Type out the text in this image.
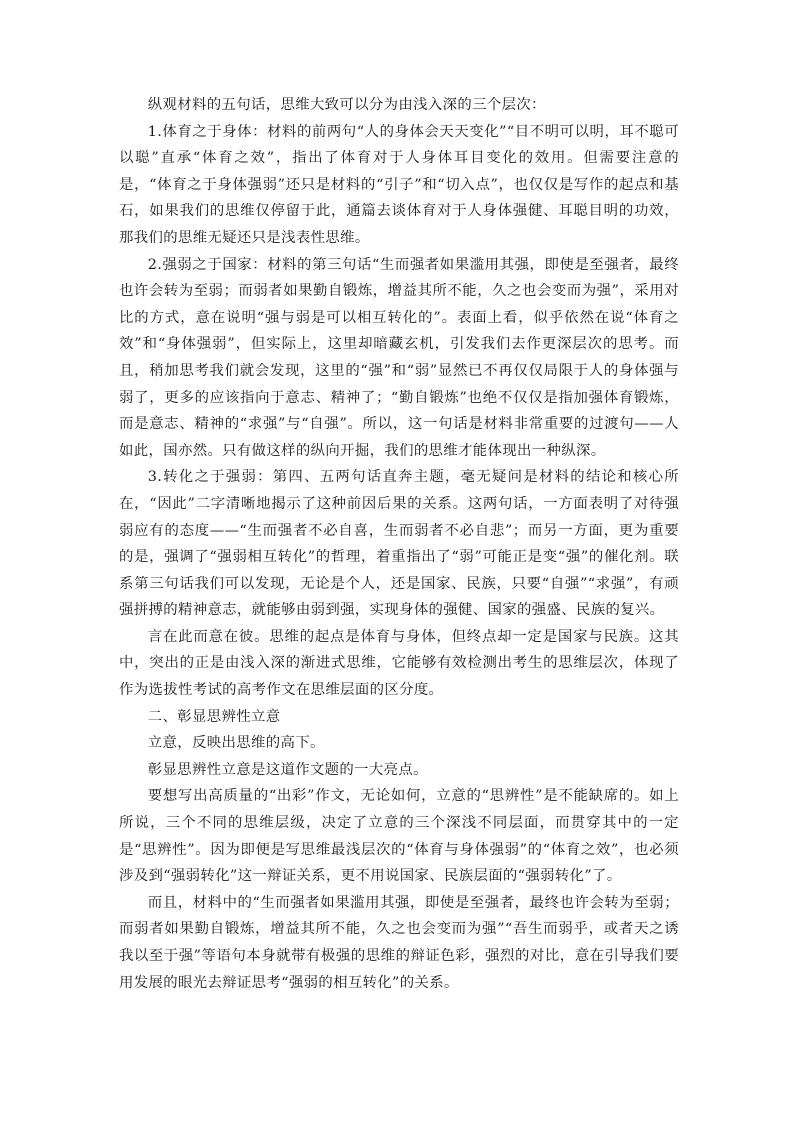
纵观材料的五句话，思维大致可以分为由浅入深的三个层次：

1.体育之于身体：材料的前两句“人的身体会天天变化”“目不明可以明，耳不聪可以聪”直承“体育之效”，指出了体育对于人身体耳目变化的效用。但需要注意的是，“体育之于身体强弱”还只是材料的“引子”和“切入点”，也仅仅是写作的起点和基石，如果我们的思维仅停留于此，通篇去谈体育对于人身体强健、耳聪目明的功效，那我们的思维无疑还只是浅表性思维。

2.强弱之于国家：材料的第三句话“生而强者如果滥用其强，即使是至强者，最终也许会转为至弱；而弱者如果勤自锻炼，增益其所不能，久之也会变而为强”，采用对比的方式，意在说明“强与弱是可以相互转化的”。表面上看，似乎依然在说“体育之效”和“身体强弱”，但实际上，这里却暗藏玄机，引发我们去作更深层次的思考。而且，稍加思考我们就会发现，这里的“强”和“弱”显然已不再仅仅局限于人的身体强与弱了，更多的应该指向于意志、精神了；“勤自锻炼”也绝不仅仅是指加强体育锻炼，而是意志、精神的“求强”与“自强”。所以，这一句话是材料非常重要的过渡句——人如此，国亦然。只有做这样的纵向开掘，我们的思维才能体现出一种纵深。

3.转化之于强弱：第四、五两句话直奔主题，毫无疑问是材料的结论和核心所在，“因此”二字清晰地揭示了这种前因后果的关系。这两句话，一方面表明了对待强弱应有的态度——“生而强者不必自喜，生而弱者不必自悲”；而另一方面，更为重要的是，强调了“强弱相互转化”的哲理，着重指出了“弱”可能正是变“强”的催化剂。联系第三句话我们可以发现，无论是个人，还是国家、民族，只要“自强”“求强”，有顽强拼搏的精神意志，就能够由弱到强，实现身体的强健、国家的强盛、民族的复兴。

言在此而意在彼。思维的起点是体育与身体，但终点却一定是国家与民族。这其中，突出的正是由浅入深的渐进式思维，它能够有效检测出考生的思维层次，体现了作为选拔性考试的高考作文在思维层面的区分度。

二、彰显思辨性立意

立意，反映出思维的高下。

彰显思辨性立意是这道作文题的一大亮点。

要想写出高质量的“出彩”作文，无论如何，立意的“思辨性”是不能缺席的。如上所说，三个不同的思维层级，决定了立意的三个深浅不同层面，而贯穿其中的一定是“思辨性”。因为即便是写思维最浅层次的“体育与身体强弱”的“体育之效”，也必须涉及到“强弱转化”这一辩证关系，更不用说国家、民族层面的“强弱转化”了。

而且，材料中的“生而强者如果滥用其强，即使是至强者，最终也许会转为至弱；而弱者如果勤自锻炼，增益其所不能，久之也会变而为强”“吾生而弱乎，或者天之诱我以至于强”等语句本身就带有极强的思维的辩证色彩，强烈的对比，意在引导我们要用发展的眼光去辩证思考“强弱的相互转化”的关系。
